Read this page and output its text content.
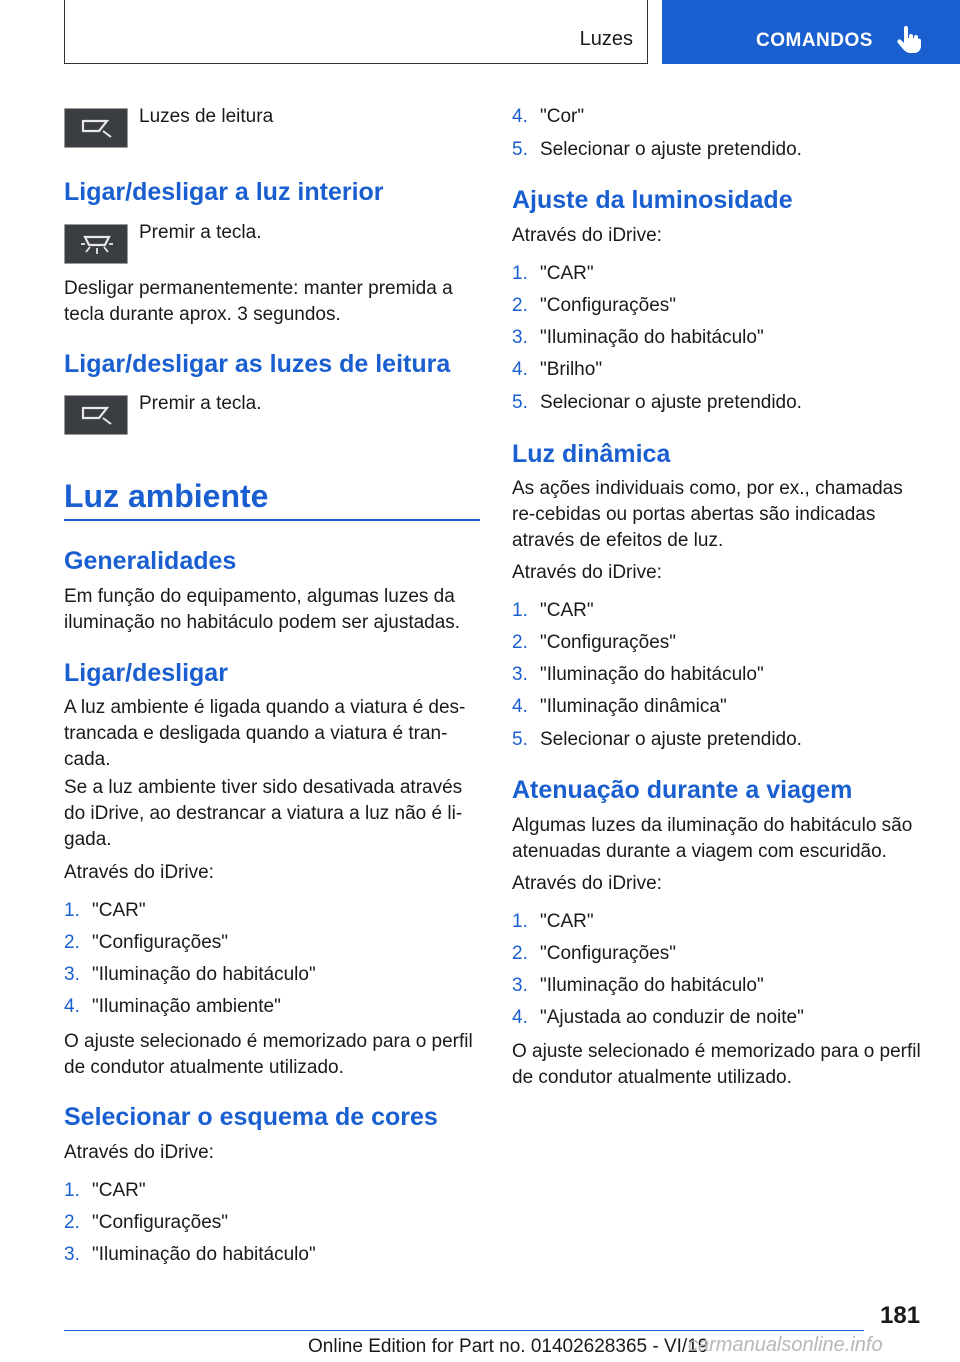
Luzes	COMANDOS
Luzes de leitura
Ligar/desligar a luz interior
Premir a tecla.
Desligar permanentemente: manter premida a tecla durante aprox. 3 segundos.
Ligar/desligar as luzes de leitura
Premir a tecla.
Luz ambiente
Generalidades
Em função do equipamento, algumas luzes da iluminação no habitáculo podem ser ajustadas.
Ligar/desligar
A luz ambiente é ligada quando a viatura é des-trancada e desligada quando a viatura é tran-cada.
Se a luz ambiente tiver sido desativada através do iDrive, ao destrancar a viatura a luz não é li-gada.
Através do iDrive:
1. "CAR"
2. "Configurações"
3. "Iluminação do habitáculo"
4. "Iluminação ambiente"
O ajuste selecionado é memorizado para o perfil de condutor atualmente utilizado.
Selecionar o esquema de cores
Através do iDrive:
1. "CAR"
2. "Configurações"
3. "Iluminação do habitáculo"
4. "Cor"
5. Selecionar o ajuste pretendido.
Ajuste da luminosidade
Através do iDrive:
1. "CAR"
2. "Configurações"
3. "Iluminação do habitáculo"
4. "Brilho"
5. Selecionar o ajuste pretendido.
Luz dinâmica
As ações individuais como, por ex., chamadas re-cebidas ou portas abertas são indicadas através de efeitos de luz.
Através do iDrive:
1. "CAR"
2. "Configurações"
3. "Iluminação do habitáculo"
4. "Iluminação dinâmica"
5. Selecionar o ajuste pretendido.
Atenuação durante a viagem
Algumas luzes da iluminação do habitáculo são atenuadas durante a viagem com escuridão.
Através do iDrive:
1. "CAR"
2. "Configurações"
3. "Iluminação do habitáculo"
4. "Ajustada ao conduzir de noite"
O ajuste selecionado é memorizado para o perfil de condutor atualmente utilizado.
181
Online Edition for Part no. 01402628365 - VI/19
carmanualsonline.info
